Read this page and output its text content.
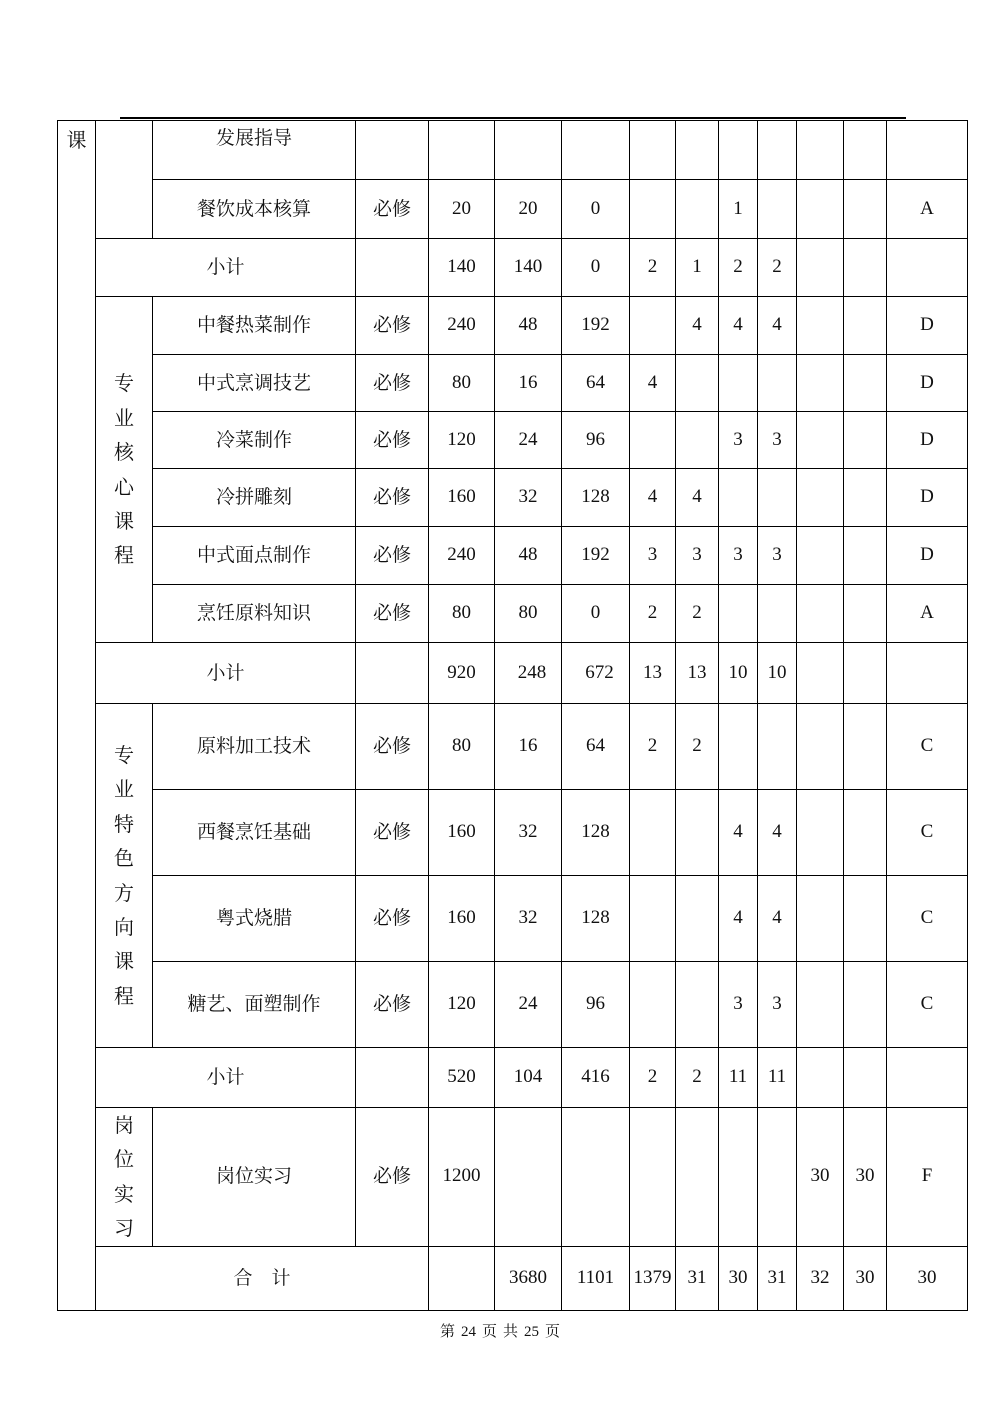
课		发展指导												
		餐饮成本核算	必修	20	20	0			1				A	
	小计			140	140	0	2	1	2	2				

	专业核心课程	中餐热菜制作	必修	240	48	192		4	4	4			D	
		中式烹调技艺	必修	80	16	64	4						D	
		冷菜制作	必修	120	24	96			3	3			D	
		冷拼雕刻	必修	160	32	128	4	4					D	
		中式面点制作	必修	240	48	192	3	3	3	3			D	
		烹饪原料知识	必修	80	80	0	2	2					A	
	小计			920	248	672	13	13	10	10				

	专业特色方向课程	原料加工技术	必修	80	16	64	2	2					C	
		西餐烹饪基础	必修	160	32	128			4	4			C	
		粤式烧腊	必修	160	32	128			4	4			C	
		糖艺、面塑制作	必修	120	24	96			3	3			C	
	小计			520	104	416	2	2	11	11				

	岗位实习	岗位实习	必修	1200							30	30	F	
	合　计				3680	1101	1379	31	30	31	32	30	30	
第 24 页 共 25 页
